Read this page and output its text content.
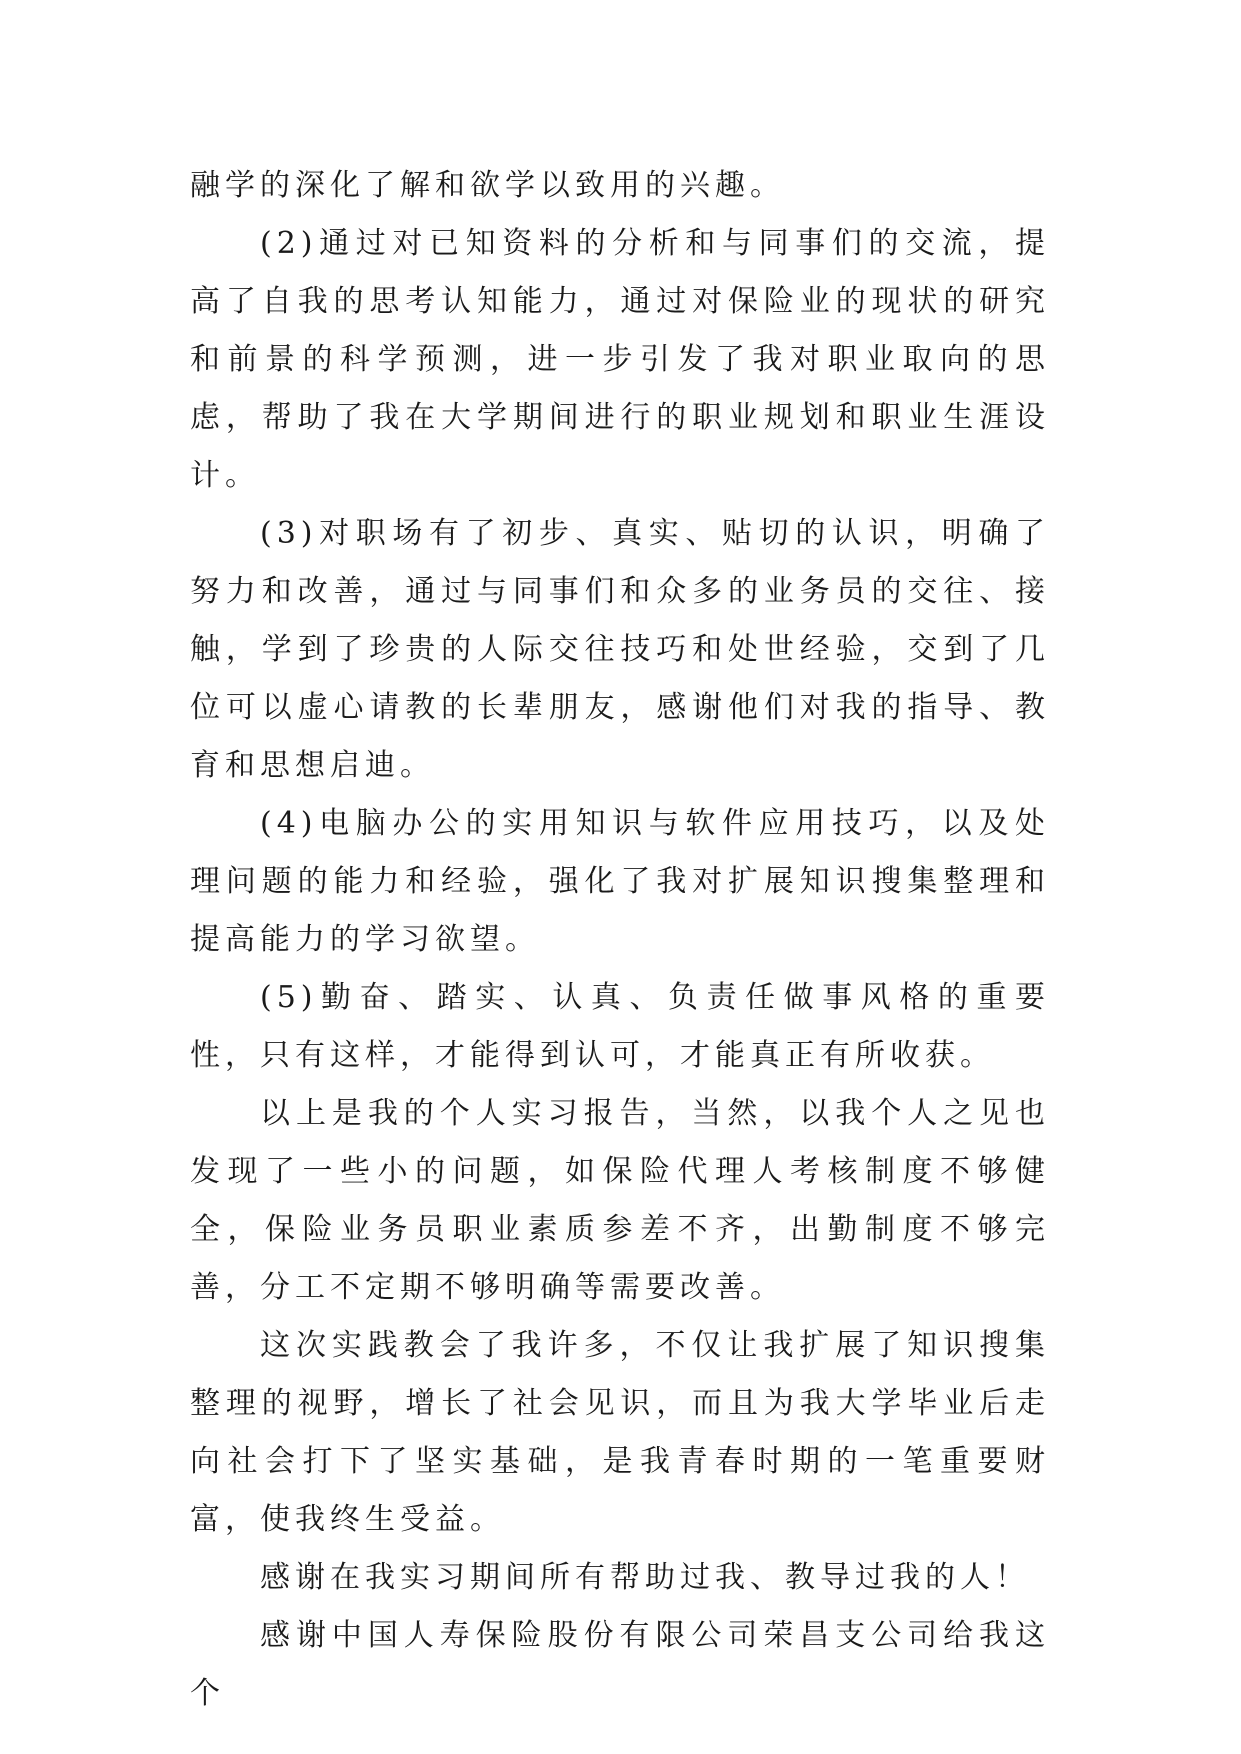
融学的深化了解和欲学以致用的兴趣。

(2)通过对已知资料的分析和与同事们的交流，提高了自我的思考认知能力，通过对保险业的现状的研究和前景的科学预测，进一步引发了我对职业取向的思虑，帮助了我在大学期间进行的职业规划和职业生涯设计。

(3)对职场有了初步、真实、贴切的认识，明确了努力和改善，通过与同事们和众多的业务员的交往、接触，学到了珍贵的人际交往技巧和处世经验，交到了几位可以虚心请教的长辈朋友，感谢他们对我的指导、教育和思想启迪。

(4)电脑办公的实用知识与软件应用技巧，以及处理问题的能力和经验，强化了我对扩展知识搜集整理和提高能力的学习欲望。

(5)勤奋、踏实、认真、负责任做事风格的重要性，只有这样，才能得到认可，才能真正有所收获。

以上是我的个人实习报告，当然，以我个人之见也发现了一些小的问题，如保险代理人考核制度不够健全，保险业务员职业素质参差不齐，出勤制度不够完善，分工不定期不够明确等需要改善。

这次实践教会了我许多，不仅让我扩展了知识搜集整理的视野，增长了社会见识，而且为我大学毕业后走向社会打下了坚实基础，是我青春时期的一笔重要财富，使我终生受益。

感谢在我实习期间所有帮助过我、教导过我的人！

感谢中国人寿保险股份有限公司荣昌支公司给我这个
